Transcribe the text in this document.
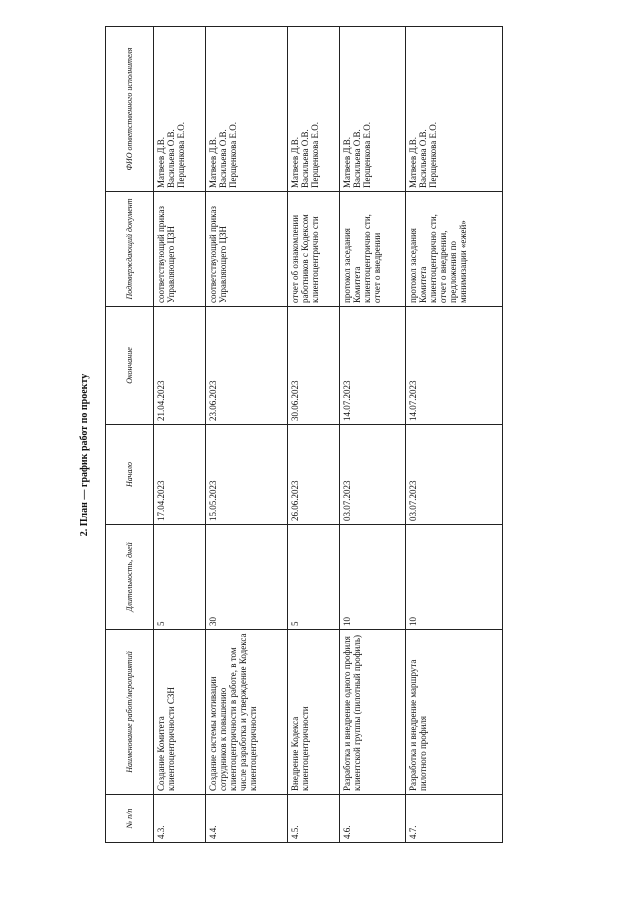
2. План — график работ по проекту
№ п/п	Наименование работ/мероприятий	Длительность, дней	Начало	Окончание	Подтверждающий документ	ФИО ответственного исполнителя
4.3.	Создание Комитета клиентоцентричности СЗН	5	17.04.2023	21.04.2023	соответствующий приказ Управляющего ЦЗН	Матвеев Д.В. Васильева О.В. Перщенкова Е.О.

4.4.	Создание системы мотивации сотрудников к повышению клиентоцентричности в работе, в том числе разработка и утверждение Кодекса клиентоцентричности	30	15.05.2023	23.06.2023	соответствующий приказ Управляющего ЦЗН	Матвеев Д.В. Васильева О.В. Перщенкова Е.О.

4.5.	Внедрение Кодекса клиентоцентричности	5	26.06.2023	30.06.2023	отчет об ознакомлении работников с Кодексом клиентоцентрично сти	Матвеев Д.В. Васильева О.В. Перщенкова Е.О.

4.6.	Разработка и внедрение одного профиля клиентской группы (пилотный профиль)	10	03.07.2023	14.07.2023	протокол заседания Комитета клиентоцентрично сти, отчет о внедрении	Матвеев Д.В. Васильева О.В. Перщенкова Е.О.

4.7.	Разработка и внедрение маршрута пилотного профиля	10	03.07.2023	14.07.2023	протокол заседания Комитета клиентоцентрично сти, отчет о внедрении, предложения по минимизации «ежей»	Матвеев Д.В. Васильева О.В. Перщенкова Е.О.
